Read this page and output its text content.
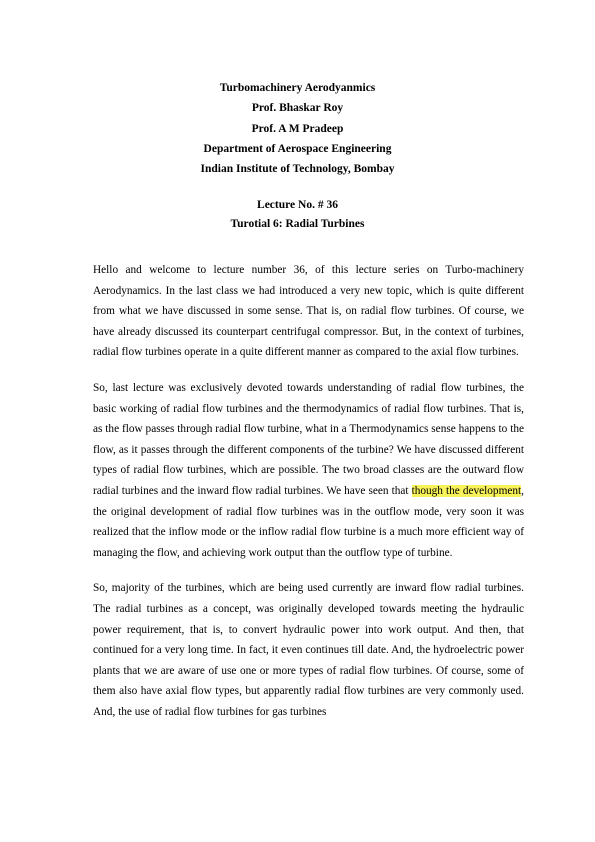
Turbomachinery Aerodyanmics
Prof. Bhaskar Roy
Prof. A M Pradeep
Department of Aerospace Engineering
Indian Institute of Technology, Bombay
Lecture No. # 36
Turotial 6: Radial Turbines

Hello and welcome to lecture number 36, of this lecture series on Turbo-machinery Aerodynamics. In the last class we had introduced a very new topic, which is quite different from what we have discussed in some sense. That is, on radial flow turbines. Of course, we have already discussed its counterpart centrifugal compressor. But, in the context of turbines, radial flow turbines operate in a quite different manner as compared to the axial flow turbines.

So, last lecture was exclusively devoted towards understanding of radial flow turbines, the basic working of radial flow turbines and the thermodynamics of radial flow turbines. That is, as the flow passes through radial flow turbine, what in a Thermodynamics sense happens to the flow, as it passes through the different components of the turbine? We have discussed different types of radial flow turbines, which are possible. The two broad classes are the outward flow radial turbines and the inward flow radial turbines. We have seen that though the development, the original development of radial flow turbines was in the outflow mode, very soon it was realized that the inflow mode or the inflow radial flow turbine is a much more efficient way of managing the flow, and achieving work output than the outflow type of turbine.

So, majority of the turbines, which are being used currently are inward flow radial turbines. The radial turbines as a concept, was originally developed towards meeting the hydraulic power requirement, that is, to convert hydraulic power into work output. And then, that continued for a very long time. In fact, it even continues till date. And, the hydroelectric power plants that we are aware of use one or more types of radial flow turbines. Of course, some of them also have axial flow types, but apparently radial flow turbines are very commonly used. And, the use of radial flow turbines for gas turbines
